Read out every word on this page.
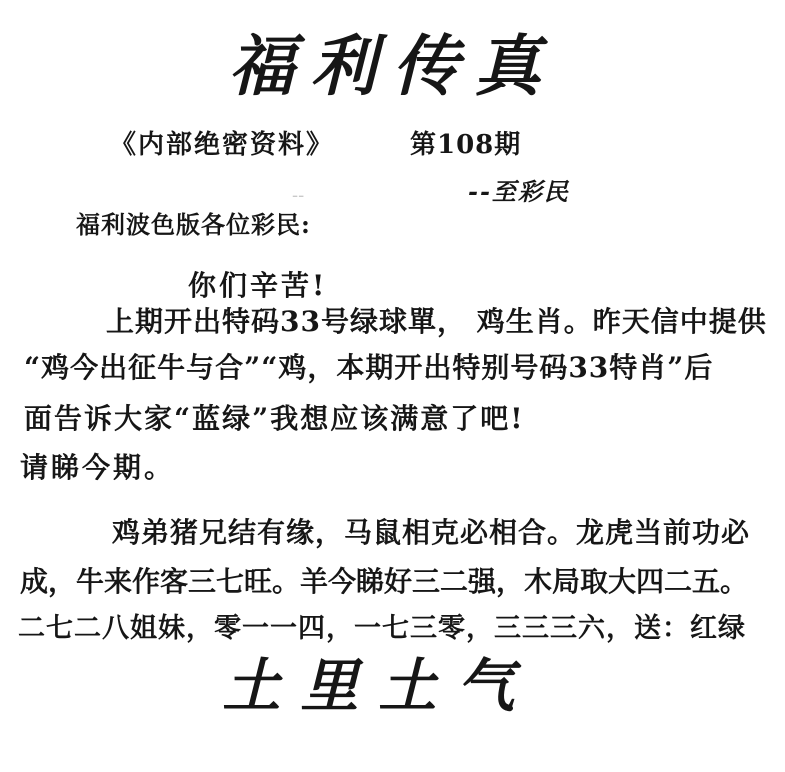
福利传真
《内部绝密资料》	第108期
--	--至彩民
福利波色版各位彩民:
你们辛苦!
上期开出特码33号绿球單， 鸡生肖。昨天信中提供
“鸡今出征牛与合”“鸡，本期开出特别号码33特肖”后
面告诉大家“蓝绿”我想应该满意了吧!
请睇今期。
鸡弟猪兄结有缘，马鼠相克必相合。龙虎当前功必
成，牛来作客三七旺。羊今睇好三二强，木局取大四二五。
二七二八姐妹，零一一四，一七三零，三三三六，送：红绿
土里土气
